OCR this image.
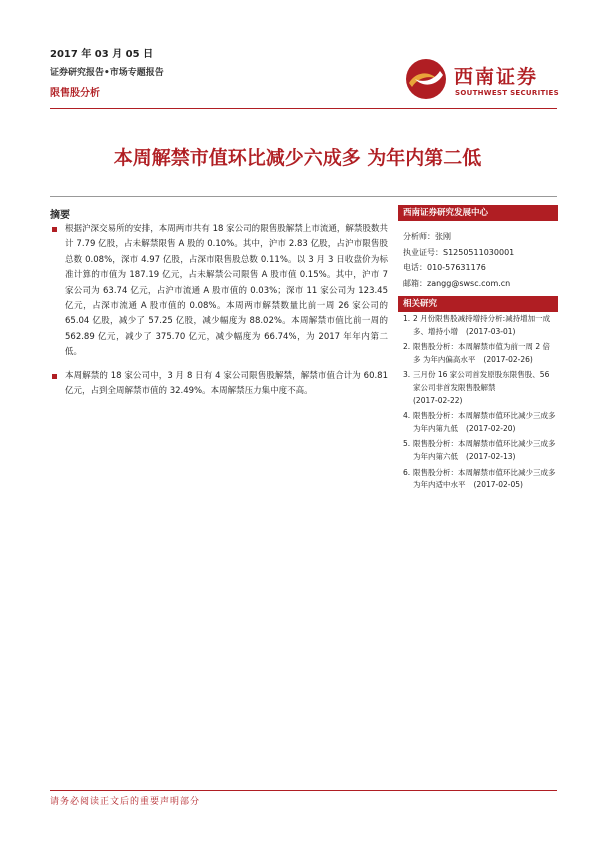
2017 年 03 月 05 日
证券研究报告•市场专题报告
限售股分析
西南证券
SOUTHWEST SECURITIES
本周解禁市值环比减少六成多 为年内第二低
摘要
根据沪深交易所的安排，本周两市共有 18 家公司的限售股解禁上市流通，解禁股数共计 7.79 亿股，占未解禁限售 A 股的 0.10%。其中，沪市 2.83 亿股，占沪市限售股总数 0.08%，深市 4.97 亿股，占深市限售股总数 0.11%。以 3 月 3 日收盘价为标准计算的市值为 187.19 亿元，占未解禁公司限售 A 股市值 0.15%。其中，沪市 7 家公司为 63.74 亿元，占沪市流通 A 股市值的 0.03%；深市 11 家公司为 123.45 亿元，占深市流通 A 股市值的 0.08%。本周两市解禁数量比前一周 26 家公司的 65.04 亿股，减少了 57.25 亿股，减少幅度为 88.02%。本周解禁市值比前一周的 562.89 亿元，减少了 375.70 亿元，减少幅度为 66.74%，为 2017 年年内第二低。
本周解禁的 18 家公司中，3 月 8 日有 4 家公司限售股解禁，解禁市值合计为 60.81 亿元，占到全周解禁市值的 32.49%。本周解禁压力集中度不高。
西南证券研究发展中心
分析师：张刚
执业证号：S1250511030001
电话：010-57631176
邮箱：zangg@swsc.com.cn
相关研究
1. 2 月份限售股减持增持分析:减持增加一成多、增持小增 (2017-03-01)
2. 限售股分析：本周解禁市值为前一周 2 倍多 为年内偏高水平 (2017-02-26)
3. 三月份 16 家公司首发原股东限售股、56 家公司非首发限售股解禁
(2017-02-22)
4. 限售股分析：本周解禁市值环比减少三成多 为年内第九低 (2017-02-20)
5. 限售股分析：本周解禁市值环比减少三成多 为年内第六低 (2017-02-13)
6. 限售股分析：本周解禁市值环比减少三成多 为年内适中水平 (2017-02-05)
请务必阅读正文后的重要声明部分
